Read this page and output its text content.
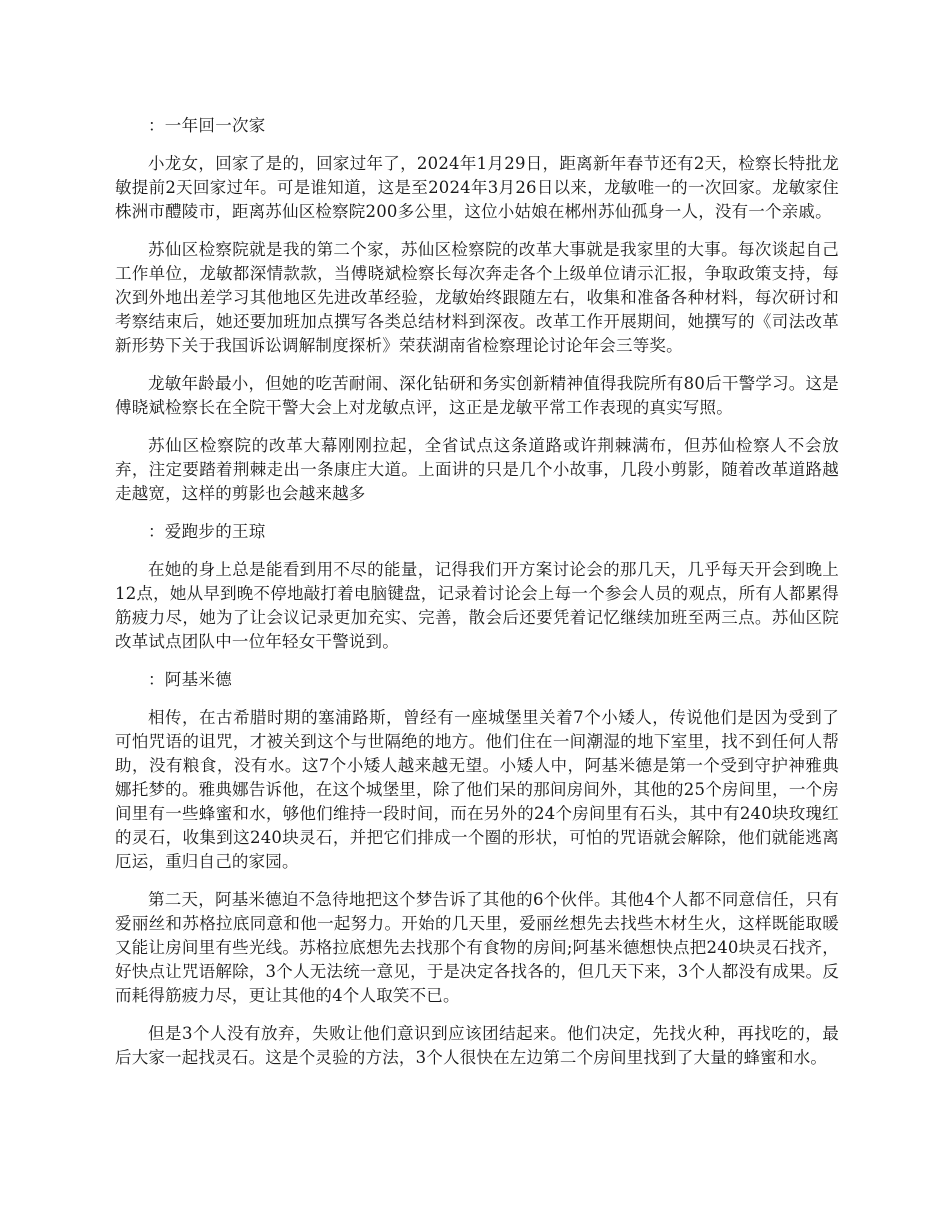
：一年回一次家

小龙女，回家了是的，回家过年了，2024年1月29日，距离新年春节还有2天，检察长特批龙敏提前2天回家过年。可是谁知道，这是至2024年3月26日以来，龙敏唯一的一次回家。龙敏家住株洲市醴陵市，距离苏仙区检察院200多公里，这位小姑娘在郴州苏仙孤身一人，没有一个亲戚。

苏仙区检察院就是我的第二个家，苏仙区检察院的改革大事就是我家里的大事。每次谈起自己工作单位，龙敏都深情款款，当傅晓斌检察长每次奔走各个上级单位请示汇报，争取政策支持，每次到外地出差学习其他地区先进改革经验，龙敏始终跟随左右，收集和准备各种材料，每次研讨和考察结束后，她还要加班加点撰写各类总结材料到深夜。改革工作开展期间，她撰写的《司法改革新形势下关于我国诉讼调解制度探析》荣获湖南省检察理论讨论年会三等奖。

龙敏年龄最小，但她的吃苦耐闹、深化钻研和务实创新精神值得我院所有80后干警学习。这是傅晓斌检察长在全院干警大会上对龙敏点评，这正是龙敏平常工作表现的真实写照。

苏仙区检察院的改革大幕刚刚拉起，全省试点这条道路或许荆棘满布，但苏仙检察人不会放弃，注定要踏着荆棘走出一条康庄大道。上面讲的只是几个小故事，几段小剪影，随着改革道路越走越宽，这样的剪影也会越来越多

：爱跑步的王琼

在她的身上总是能看到用不尽的能量，记得我们开方案讨论会的那几天，几乎每天开会到晚上12点，她从早到晚不停地敲打着电脑键盘，记录着讨论会上每一个参会人员的观点，所有人都累得筋疲力尽，她为了让会议记录更加充实、完善，散会后还要凭着记忆继续加班至两三点。苏仙区院改革试点团队中一位年轻女干警说到。

：阿基米德

相传，在古希腊时期的塞浦路斯，曾经有一座城堡里关着7个小矮人，传说他们是因为受到了可怕咒语的诅咒，才被关到这个与世隔绝的地方。他们住在一间潮湿的地下室里，找不到任何人帮助，没有粮食，没有水。这7个小矮人越来越无望。小矮人中，阿基米德是第一个受到守护神雅典娜托梦的。雅典娜告诉他，在这个城堡里，除了他们呆的那间房间外，其他的25个房间里，一个房间里有一些蜂蜜和水，够他们维持一段时间，而在另外的24个房间里有石头，其中有240块玫瑰红的灵石，收集到这240块灵石，并把它们排成一个圈的形状，可怕的咒语就会解除，他们就能逃离厄运，重归自己的家园。

第二天，阿基米德迫不急待地把这个梦告诉了其他的6个伙伴。其他4个人都不同意信任，只有爱丽丝和苏格拉底同意和他一起努力。开始的几天里，爱丽丝想先去找些木材生火，这样既能取暖又能让房间里有些光线。苏格拉底想先去找那个有食物的房间;阿基米德想快点把240块灵石找齐，好快点让咒语解除，3个人无法统一意见，于是决定各找各的，但几天下来，3个人都没有成果。反而耗得筋疲力尽，更让其他的4个人取笑不已。

但是3个人没有放弃，失败让他们意识到应该团结起来。他们决定，先找火种，再找吃的，最后大家一起找灵石。这是个灵验的方法，3个人很快在左边第二个房间里找到了大量的蜂蜜和水。
